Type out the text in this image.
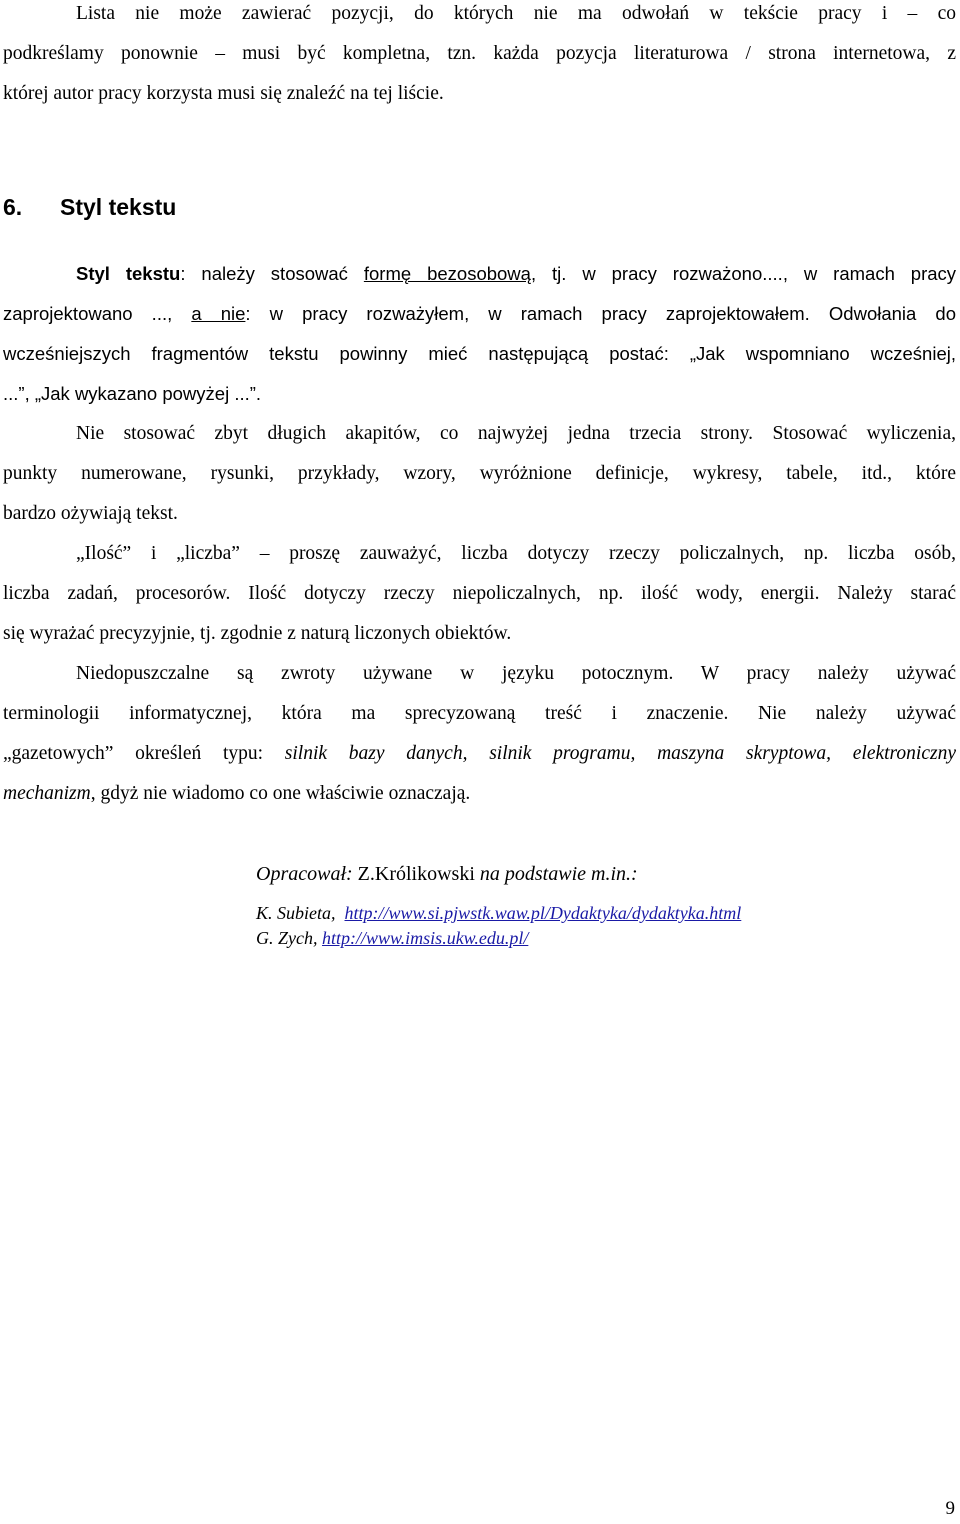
Lista nie może zawierać pozycji, do których nie ma odwołań w tekście pracy i – co
podkreślamy ponownie – musi być kompletna, tzn. każda pozycja literaturowa / strona internetowa, z
której autor pracy korzysta musi się znaleźć na tej liście.
6. Styl tekstu
Styl tekstu: należy stosować formę bezosobową, tj. w pracy rozważono...., w ramach pracy
zaprojektowano ..., a nie: w pracy rozważyłem, w ramach pracy zaprojektowałem. Odwołania do
wcześniejszych fragmentów tekstu powinny mieć następującą postać: „Jak wspomniano wcześniej,
...”, „Jak wykazano powyżej ...”.
Nie stosować zbyt długich akapitów, co najwyżej jedna trzecia strony. Stosować wyliczenia,
punkty numerowane, rysunki, przykłady, wzory, wyróżnione definicje, wykresy, tabele, itd., które
bardzo ożywiają tekst.
„Ilość” i „liczba” – proszę zauważyć, liczba dotyczy rzeczy policzalnych, np. liczba osób,
liczba zadań, procesorów. Ilość dotyczy rzeczy niepoliczalnych, np. ilość wody, energii. Należy starać
się wyrażać precyzyjnie, tj. zgodnie z naturą liczonych obiektów.
Niedopuszczalne są zwroty używane w języku potocznym. W pracy należy używać
terminologii informatycznej, która ma sprecyzowaną treść i znaczenie. Nie należy używać
„gazetowych” określeń typu: silnik bazy danych, silnik programu, maszyna skryptowa, elektroniczny
mechanizm, gdyż nie wiadomo co one właściwie oznaczają.
Opracował: Z.Królikowski na podstawie m.in.:
K. Subieta, http://www.si.pjwstk.waw.pl/Dydaktyka/dydaktyka.html
G. Zych, http://www.imsis.ukw.edu.pl/
9
